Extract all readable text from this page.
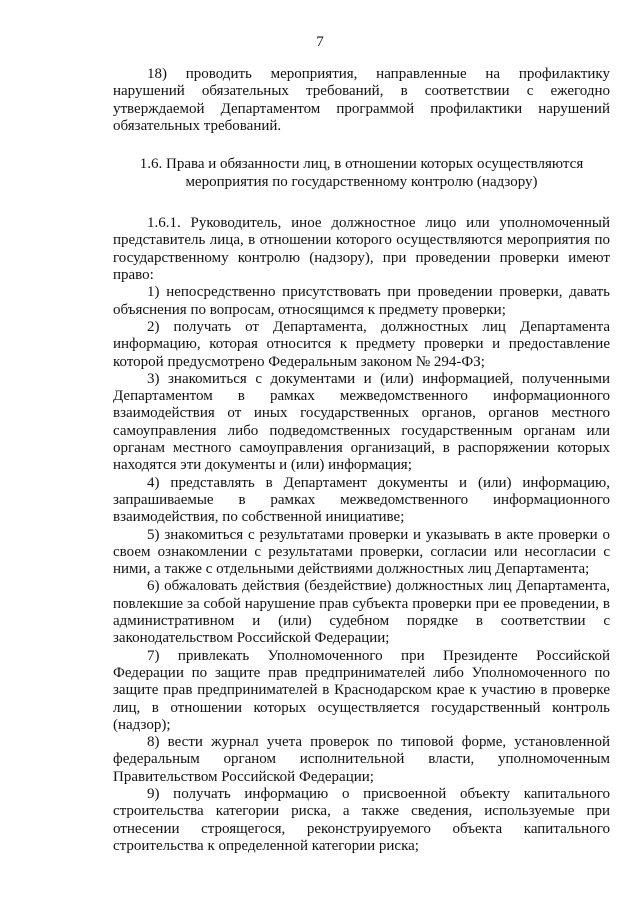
7

18) проводить мероприятия, направленные на профилактику нарушений обязательных требований, в соответствии с ежегодно утверждаемой Департаментом программой профилактики нарушений обязательных требований.

1.6. Права и обязанности лиц, в отношении которых осуществляются
мероприятия по государственному контролю (надзору)

1.6.1. Руководитель, иное должностное лицо или уполномоченный представитель лица, в отношении которого осуществляются мероприятия по государственному контролю (надзору), при проведении проверки имеют право:

1) непосредственно присутствовать при проведении проверки, давать объяснения по вопросам, относящимся к предмету проверки;

2) получать от Департамента, должностных лиц Департамента информацию, которая относится к предмету проверки и предоставление которой предусмотрено Федеральным законом № 294-ФЗ;

3) знакомиться с документами и (или) информацией, полученными Департаментом в рамках межведомственного информационного взаимодействия от иных государственных органов, органов местного самоуправления либо подведомственных государственным органам или органам местного самоуправления организаций, в распоряжении которых находятся эти документы и (или) информация;

4) представлять в Департамент документы и (или) информацию, запрашиваемые в рамках межведомственного информационного взаимодействия, по собственной инициативе;

5) знакомиться с результатами проверки и указывать в акте проверки о своем ознакомлении с результатами проверки, согласии или несогласии с ними, а также с отдельными действиями должностных лиц Департамента;

6) обжаловать действия (бездействие) должностных лиц Департамента, повлекшие за собой нарушение прав субъекта проверки при ее проведении, в административном и (или) судебном порядке в соответствии с законодательством Российской Федерации;

7) привлекать Уполномоченного при Президенте Российской Федерации по защите прав предпринимателей либо Уполномоченного по защите прав предпринимателей в Краснодарском крае к участию в проверке лиц, в отношении которых осуществляется государственный контроль (надзор);

8) вести журнал учета проверок по типовой форме, установленной федеральным органом исполнительной власти, уполномоченным Правительством Российской Федерации;

9) получать информацию о присвоенной объекту капитального строительства категории риска, а также сведения, используемые при отнесении строящегося, реконструируемого объекта капитального строительства к определенной категории риска;
